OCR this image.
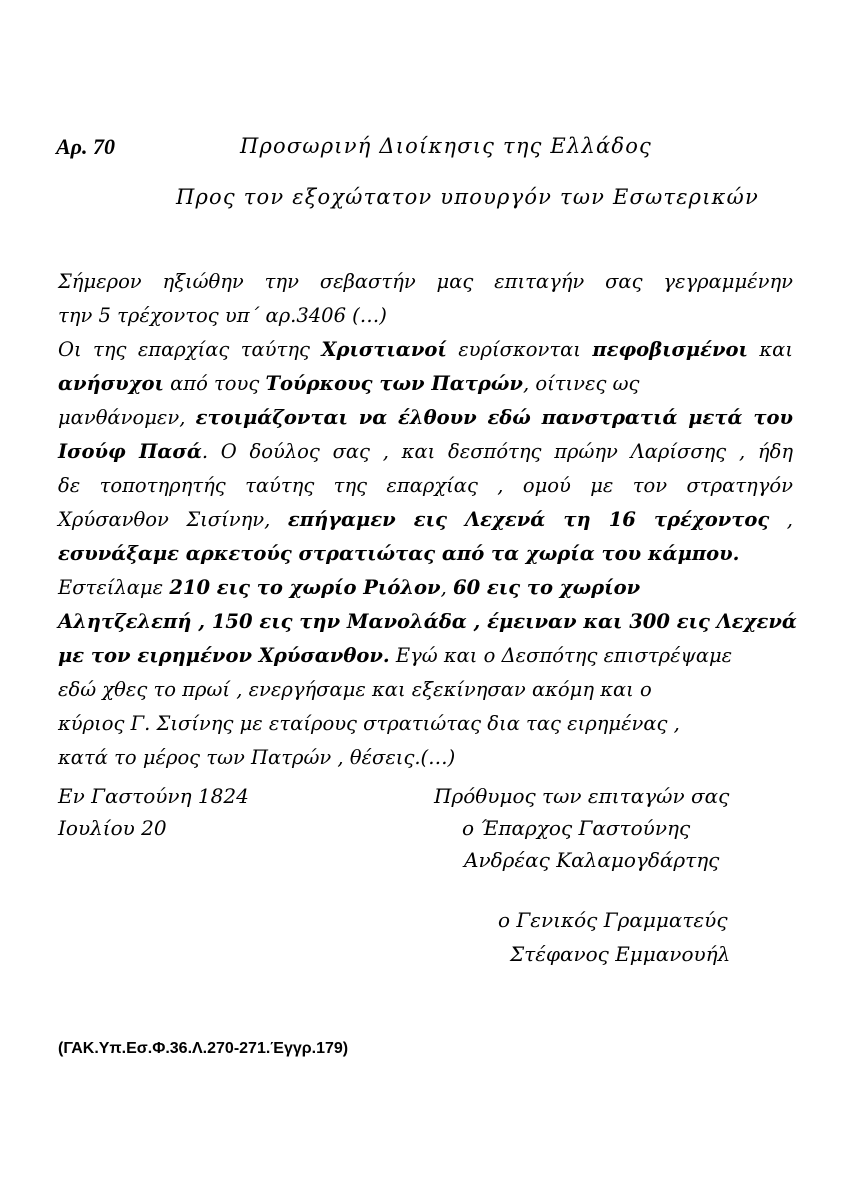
Αρ. 70	Προσωρινή Διοίκησις της Ελλάδος
Προς τον εξοχώτατον υπουργόν των Εσωτερικών
Σήμερον ηξιώθην την σεβαστήν μας επιταγήν σας γεγραμμένην
την 5 τρέχοντος υπ΄ αρ.3406 (…)
Οι της επαρχίας ταύτης Χριστιανοί ευρίσκονται πεφοβισμένοι και
ανήσυχοι από τους Τούρκους των Πατρών, οίτινες ως
μανθάνομεν, ετοιμάζονται να έλθουν εδώ πανστρατιά μετά του
Ισούφ Πασά. Ο δούλος σας , και δεσπότης πρώην Λαρίσσης , ήδη
δε τοποτηρητής ταύτης της επαρχίας , ομού με τον στρατηγόν
Χρύσανθον Σισίνην, επήγαμεν εις Λεχενά τη 16 τρέχοντος ,
εσυνάξαμε αρκετούς στρατιώτας από τα χωρία του κάμπου.
Εστείλαμε 210 εις το χωρίο Ριόλον, 60 εις το χωρίον
Αλητζελεπή , 150 εις την Μανολάδα , έμειναν και 300 εις Λεχενά
με τον ειρημένον Χρύσανθον. Εγώ και ο Δεσπότης επιστρέψαμε
εδώ χθες το πρωί , ενεργήσαμε και εξεκίνησαν ακόμη και ο
κύριος Γ. Σισίνης με εταίρους στρατιώτας δια τας ειρημένας ,
κατά το μέρος των Πατρών , θέσεις.(…)
Εν Γαστούνη 1824
Ιουλίου 20
Πρόθυμος των επιταγών σας
ο Έπαρχος Γαστούνης
Ανδρέας Καλαμογδάρτης
ο Γενικός Γραμματεύς
Στέφανος Εμμανουήλ
(ΓΑΚ.Υπ.Εσ.Φ.36.Λ.270-271.Έγγρ.179)
